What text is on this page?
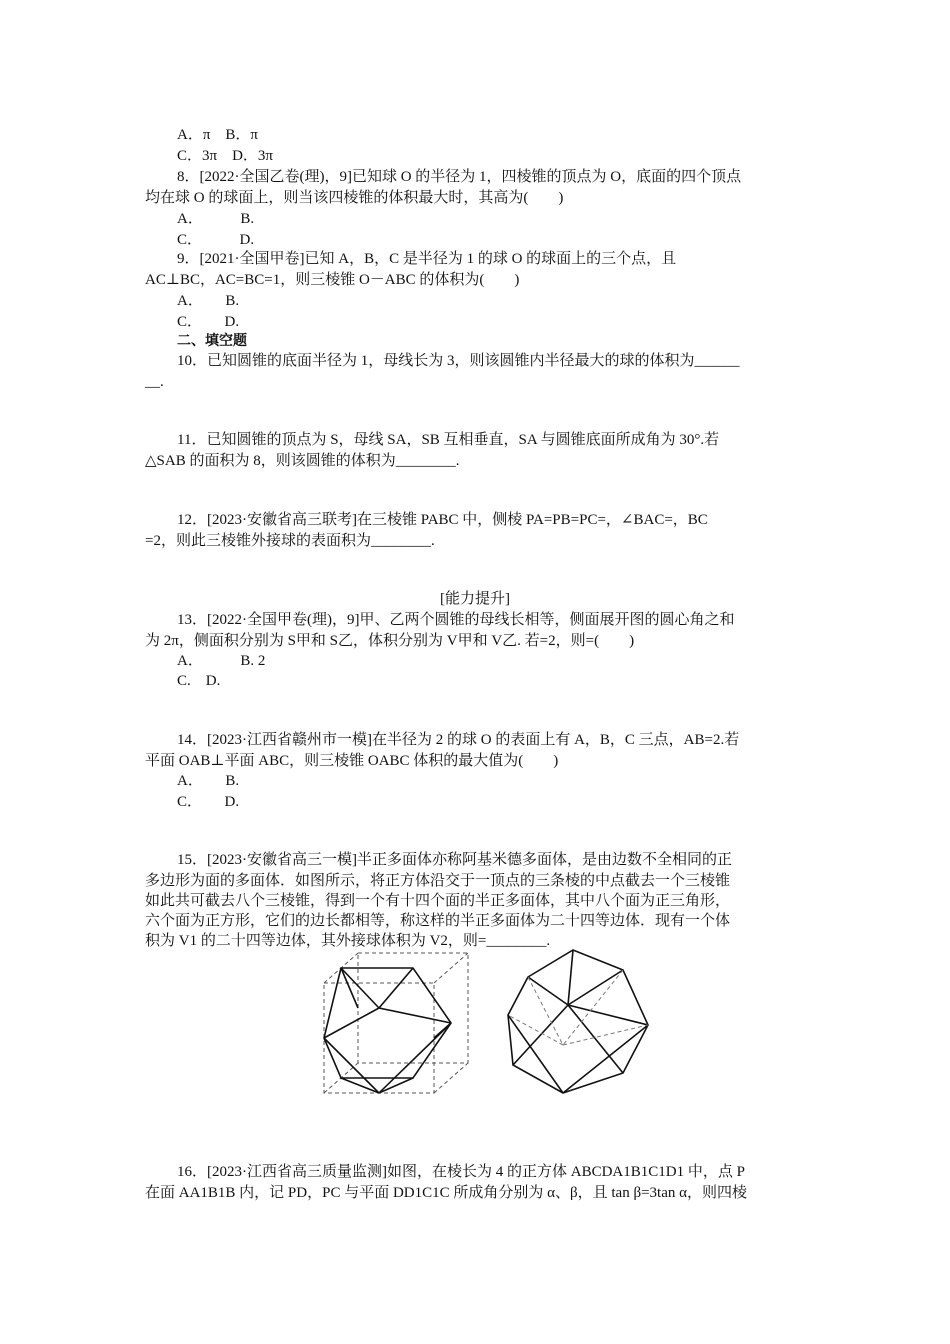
A．π　B．π
C．3π　D．3π
8．[2022·全国乙卷(理)，9]已知球 O 的半径为 1，四棱锥的顶点为 O，底面的四个顶点
均在球 O 的球面上，则当该四棱锥的体积最大时，其高为(　　)
A．　　　B.
C．　　　D.
9．[2021·全国甲卷]已知 A，B，C 是半径为 1 的球 O 的球面上的三个点，且
AC⊥BC，AC=BC=1，则三棱锥 O－ABC 的体积为(　　)
A．　　B.
C．　　D.
二、填空题
10．已知圆锥的底面半径为 1，母线长为 3，则该圆锥内半径最大的球的体积为______
__.
11．已知圆锥的顶点为 S，母线 SA，SB 互相垂直，SA 与圆锥底面所成角为 30°.若
△SAB 的面积为 8，则该圆锥的体积为________.
12．[2023·安徽省高三联考]在三棱锥 PABC 中，侧棱 PA=PB=PC=，∠BAC=，BC
=2，则此三棱锥外接球的表面积为________.
[能力提升]
13．[2022·全国甲卷(理)，9]甲、乙两个圆锥的母线长相等，侧面展开图的圆心角之和
为 2π，侧面积分别为 S甲和 S乙，体积分别为 V甲和 V乙. 若=2，则=(　　)
A．　　　B. 2
C.　D.
14．[2023·江西省赣州市一模]在半径为 2 的球 O 的表面上有 A，B，C 三点，AB=2.若
平面 OAB⊥平面 ABC，则三棱锥 OABC 体积的最大值为(　　)
A．　　B.
C．　　D.
15．[2023·安徽省高三一模]半正多面体亦称阿基米德多面体，是由边数不全相同的正
多边形为面的多面体．如图所示，将正方体沿交于一顶点的三条棱的中点截去一个三棱锥
如此共可截去八个三棱锥，得到一个有十四个面的半正多面体，其中八个面为正三角形，
六个面为正方形，它们的边长都相等，称这样的半正多面体为二十四等边体．现有一个体
积为 V1 的二十四等边体，其外接球体积为 V2，则=________.
16．[2023·江西省高三质量监测]如图，在棱长为 4 的正方体 ABCDA1B1C1D1 中，点 P
在面 AA1B1B 内，记 PD，PC 与平面 DD1C1C 所成角分别为 α、β，且 tan β=3tan α，则四棱
